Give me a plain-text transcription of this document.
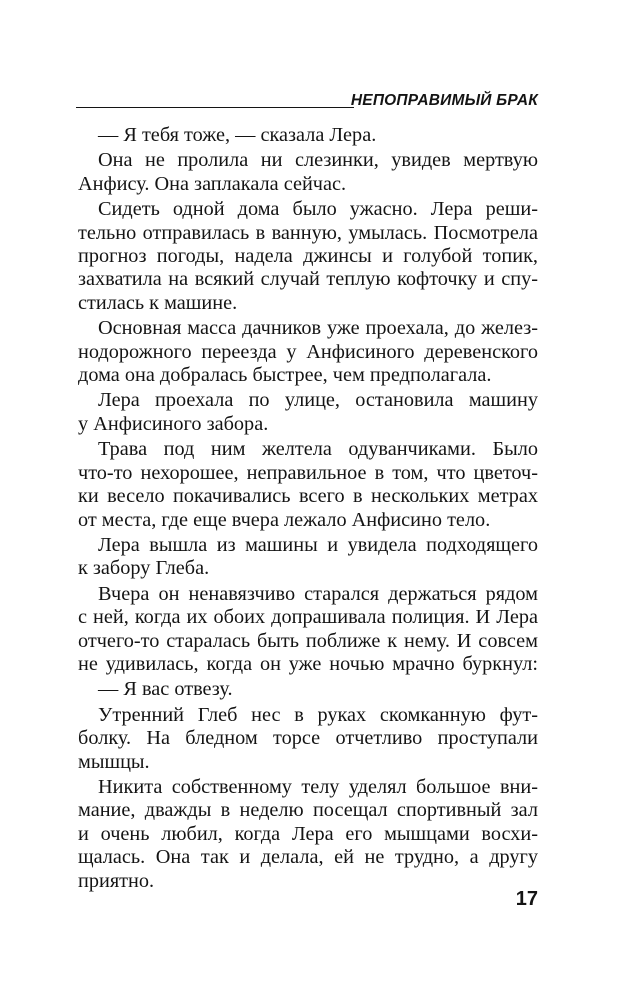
НЕПОПРАВИМЫЙ БРАК
— Я тебя тоже, — сказала Лера.
Она не пролила ни слезинки, увидев мертвую
Анфису. Она заплакала сейчас.
Сидеть одной дома было ужасно. Лера реши-
тельно отправилась в ванную, умылась. Посмотрела
прогноз погоды, надела джинсы и голубой топик,
захватила на всякий случай теплую кофточку и спу-
стилась к машине.
Основная масса дачников уже проехала, до желез-
нодорожного переезда у Анфисиного деревенского
дома она добралась быстрее, чем предполагала.
Лера проехала по улице, остановила машину
у Анфисиного забора.
Трава под ним желтела одуванчиками. Было
что-то нехорошее, неправильное в том, что цветоч-
ки весело покачивались всего в нескольких метрах
от места, где еще вчера лежало Анфисино тело.
Лера вышла из машины и увидела подходящего
к забору Глеба.
Вчера он ненавязчиво старался держаться рядом
с ней, когда их обоих допрашивала полиция. И Лера
отчего-то старалась быть поближе к нему. И совсем
не удивилась, когда он уже ночью мрачно буркнул:
— Я вас отвезу.
Утренний Глеб нес в руках скомканную фут-
болку. На бледном торсе отчетливо проступали
мышцы.
Никита собственному телу уделял большое вни-
мание, дважды в неделю посещал спортивный зал
и очень любил, когда Лера его мышцами восхи-
щалась. Она так и делала, ей не трудно, а другу
приятно.
17
